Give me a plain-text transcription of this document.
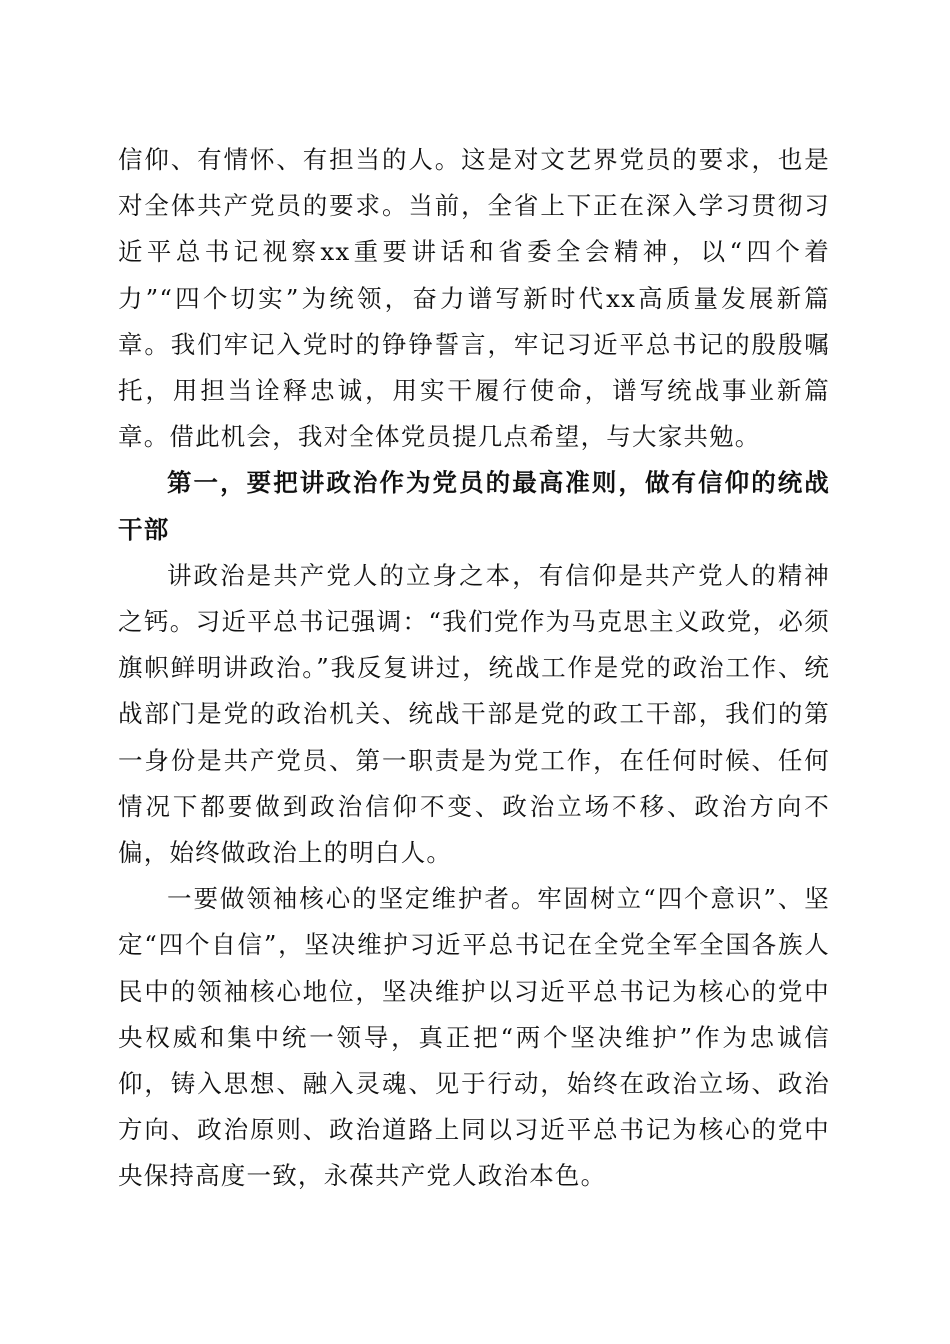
信仰、有情怀、有担当的人。这是对文艺界党员的要求，也是对全体共产党员的要求。当前，全省上下正在深入学习贯彻习近平总书记视察xx重要讲话和省委全会精神，以“四个着力”“四个切实”为统领，奋力谱写新时代xx高质量发展新篇章。我们牢记入党时的铮铮誓言，牢记习近平总书记的殷殷嘱托，用担当诠释忠诚，用实干履行使命，谱写统战事业新篇章。借此机会，我对全体党员提几点希望，与大家共勉。

第一，要把讲政治作为党员的最高准则，做有信仰的统战干部

讲政治是共产党人的立身之本，有信仰是共产党人的精神之钙。习近平总书记强调：“我们党作为马克思主义政党，必须旗帜鲜明讲政治。”我反复讲过，统战工作是党的政治工作、统战部门是党的政治机关、统战干部是党的政工干部，我们的第一身份是共产党员、第一职责是为党工作，在任何时候、任何情况下都要做到政治信仰不变、政治立场不移、政治方向不偏，始终做政治上的明白人。

一要做领袖核心的坚定维护者。牢固树立“四个意识”、坚定“四个自信”，坚决维护习近平总书记在全党全军全国各族人民中的领袖核心地位，坚决维护以习近平总书记为核心的党中央权威和集中统一领导，真正把“两个坚决维护”作为忠诚信仰，铸入思想、融入灵魂、见于行动，始终在政治立场、政治方向、政治原则、政治道路上同以习近平总书记为核心的党中央保持高度一致，永葆共产党人政治本色。
